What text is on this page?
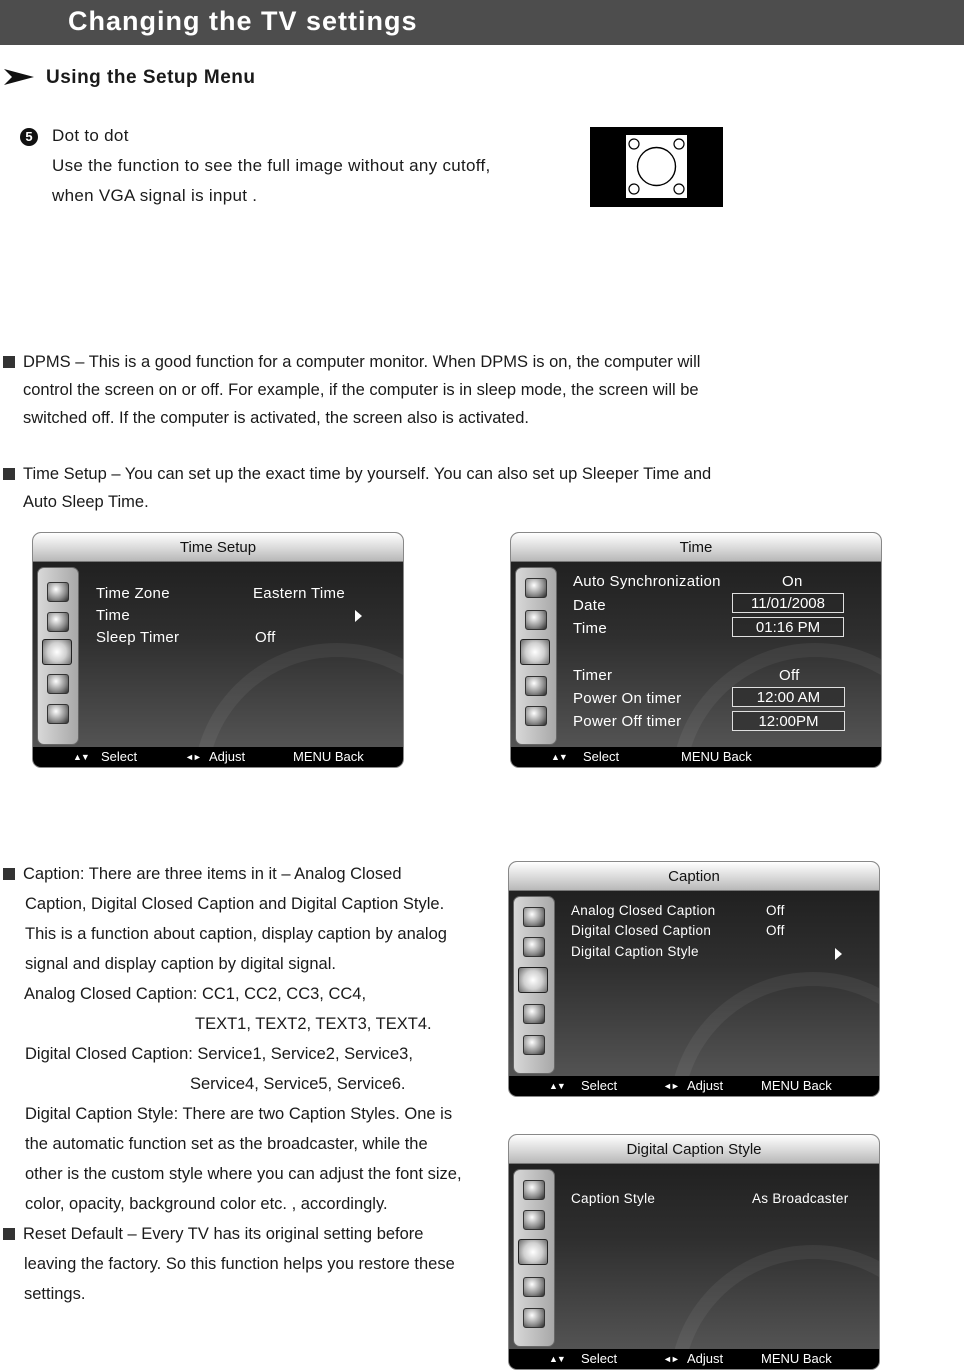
Changing the TV settings
Using the Setup Menu
5	Dot to dot
Use the function to see the full image without any cutoff,
when VGA signal is input .
DPMS – This is a good function for a computer monitor. When DPMS is on, the computer will
control the screen on or off. For example, if the computer is in sleep mode, the screen will be
switched off. If the computer is activated, the screen also is activated.
Time Setup – You can set up the exact time by yourself. You can also set up Sleeper Time and
Auto Sleep Time.
Time Setup
Time Zone	Eastern Time
Time
Sleep Timer	Off
▲▼ Select	◄► Adjust	MENU Back
Time
Auto Synchronization	On
Date	11/01/2008
Time	01:16 PM
Timer	Off
Power On timer	12:00 AM
Power Off timer	12:00PM
▲▼ Select	MENU Back
Caption: There are three items in it – Analog Closed
Caption, Digital Closed Caption and Digital Caption Style.
This is a function about caption, display caption by analog
signal and display caption by digital signal.
Analog Closed Caption: CC1, CC2, CC3, CC4,
TEXT1, TEXT2, TEXT3, TEXT4.
Digital Closed Caption: Service1, Service2, Service3,
Service4, Service5, Service6.
Digital Caption Style: There are two Caption Styles. One is
the automatic function set as the broadcaster, while the
other is the custom style where you can adjust the font size,
color, opacity, background color etc. , accordingly.
Reset Default – Every TV has its original setting before
leaving the factory. So this function helps you restore these
settings.
Caption
Analog Closed Caption	Off
Digital Closed Caption	Off
Digital Caption Style
▲▼ Select	◄► Adjust	MENU Back
Digital Caption Style
Caption Style	As Broadcaster
▲▼ Select	◄► Adjust	MENU Back
